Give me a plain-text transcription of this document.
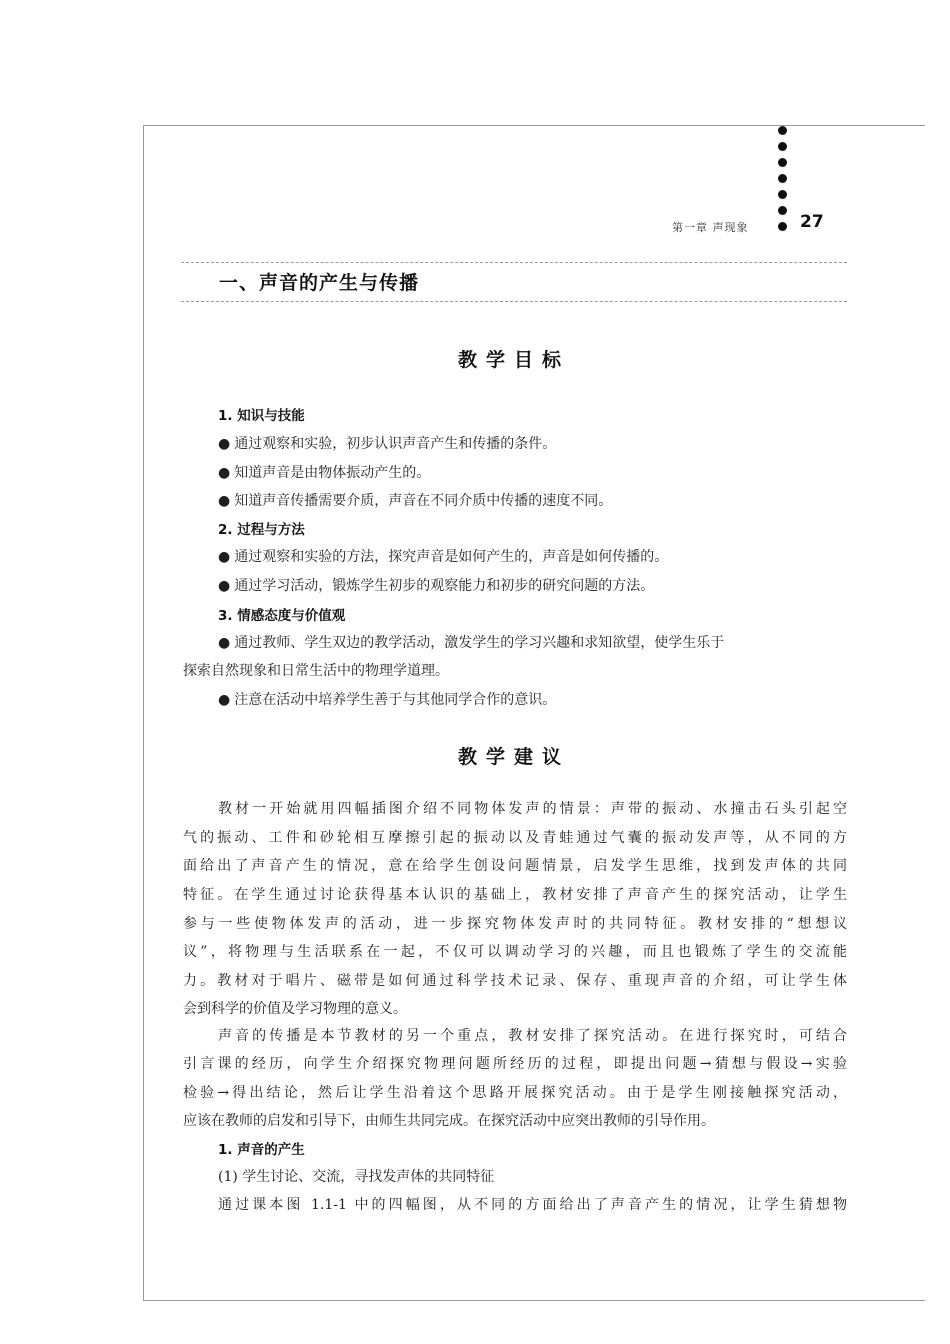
第一章 声现象	27
一、声音的产生与传播
教学目标
1. 知识与技能
● 通过观察和实验，初步认识声音产生和传播的条件。
● 知道声音是由物体振动产生的。
● 知道声音传播需要介质，声音在不同介质中传播的速度不同。
2. 过程与方法
● 通过观察和实验的方法，探究声音是如何产生的，声音是如何传播的。
● 通过学习活动，锻炼学生初步的观察能力和初步的研究问题的方法。
3. 情感态度与价值观
● 通过教师、学生双边的教学活动，激发学生的学习兴趣和求知欲望，使学生乐于
探索自然现象和日常生活中的物理学道理。
● 注意在活动中培养学生善于与其他同学合作的意识。
教学建议
教材一开始就用四幅插图介绍不同物体发声的情景：声带的振动、水撞击石头引起空
气的振动、工件和砂轮相互摩擦引起的振动以及青蛙通过气囊的振动发声等，从不同的方
面给出了声音产生的情况，意在给学生创设问题情景，启发学生思维，找到发声体的共同
特征。在学生通过讨论获得基本认识的基础上，教材安排了声音产生的探究活动，让学生
参与一些使物体发声的活动，进一步探究物体发声时的共同特征。教材安排的“想想议
议”，将物理与生活联系在一起，不仅可以调动学习的兴趣，而且也锻炼了学生的交流能
力。教材对于唱片、磁带是如何通过科学技术记录、保存、重现声音的介绍，可让学生体
会到科学的价值及学习物理的意义。
声音的传播是本节教材的另一个重点，教材安排了探究活动。在进行探究时，可结合
引言课的经历，向学生介绍探究物理问题所经历的过程，即提出问题→猜想与假设→实验
检验→得出结论，然后让学生沿着这个思路开展探究活动。由于是学生刚接触探究活动，
应该在教师的启发和引导下，由师生共同完成。在探究活动中应突出教师的引导作用。
1. 声音的产生
(1) 学生讨论、交流，寻找发声体的共同特征
通过课本图 1.1-1 中的四幅图，从不同的方面给出了声音产生的情况，让学生猜想物
